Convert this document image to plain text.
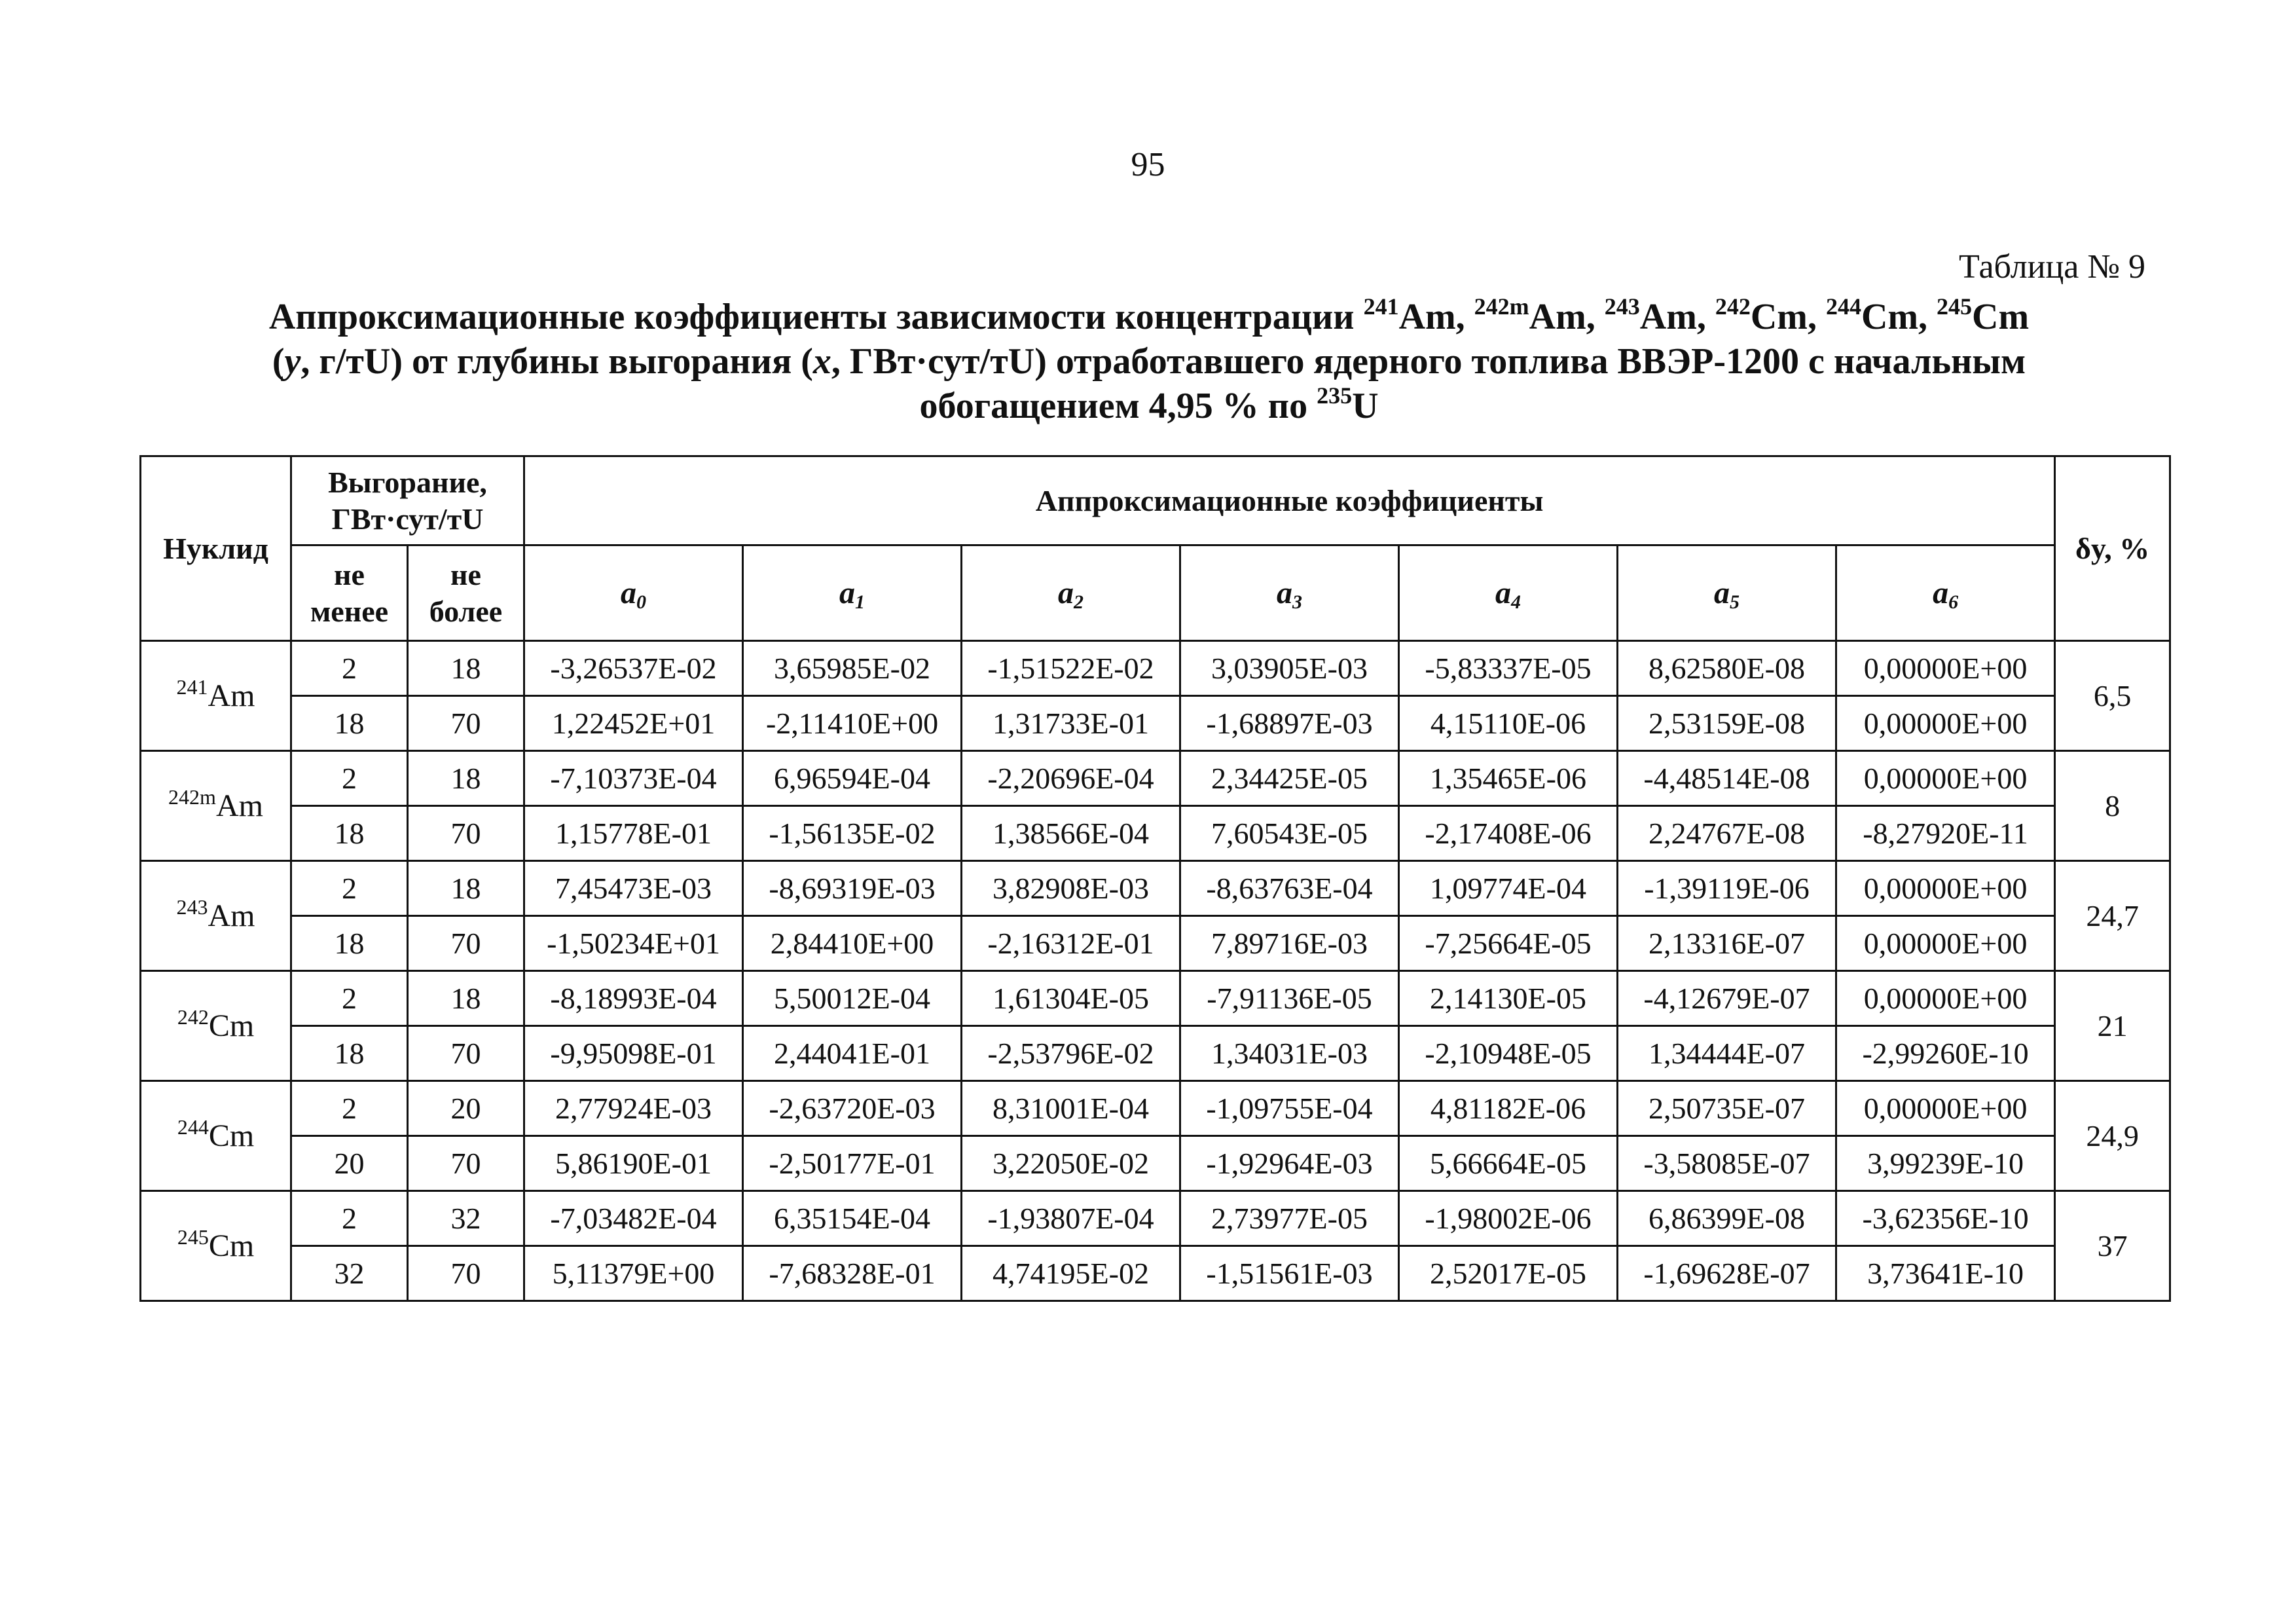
95
Таблица № 9
Аппроксимационные коэффициенты зависимости концентрации $^{241}$Am, $^{242m}$Am, $^{243}$Am, $^{242}$Cm, $^{244}$Cm, $^{245}$Cm
(y, г/тU) от глубины выгорания (x, ГВт·сут/тU) отработавшего ядерного топлива ВВЭР-1200 с начальным
обогащением 4,95 % по $^{235}$U
Нуклид	Выгорание, ГВт·сут/тU		Аппроксимационные коэффициенты							δy, %
	не менее	не более	$a_0$	$a_1$	$a_2$	$a_3$	$a_4$	$a_5$	$a_6$
$^{241}$Am	2	18	-3,26537E-02	3,65985E-02	-1,51522E-02	3,03905E-03	-5,83337E-05	8,62580E-08	0,00000E+00	6,5
	18	70	1,22452E+01	-2,11410E+00	1,31733E-01	-1,68897E-03	4,15110E-06	2,53159E-08	0,00000E+00	
$^{242m}$Am	2	18	-7,10373E-04	6,96594E-04	-2,20696E-04	2,34425E-05	1,35465E-06	-4,48514E-08	0,00000E+00	8
	18	70	1,15778E-01	-1,56135E-02	1,38566E-04	7,60543E-05	-2,17408E-06	2,24767E-08	-8,27920E-11	
$^{243}$Am	2	18	7,45473E-03	-8,69319E-03	3,82908E-03	-8,63763E-04	1,09774E-04	-1,39119E-06	0,00000E+00	24,7
	18	70	-1,50234E+01	2,84410E+00	-2,16312E-01	7,89716E-03	-7,25664E-05	2,13316E-07	0,00000E+00	
$^{242}$Cm	2	18	-8,18993E-04	5,50012E-04	1,61304E-05	-7,91136E-05	2,14130E-05	-4,12679E-07	0,00000E+00	21
	18	70	-9,95098E-01	2,44041E-01	-2,53796E-02	1,34031E-03	-2,10948E-05	1,34444E-07	-2,99260E-10	
$^{244}$Cm	2	20	2,77924E-03	-2,63720E-03	8,31001E-04	-1,09755E-04	4,81182E-06	2,50735E-07	0,00000E+00	24,9
	20	70	5,86190E-01	-2,50177E-01	3,22050E-02	-1,92964E-03	5,66664E-05	-3,58085E-07	3,99239E-10	
$^{245}$Cm	2	32	-7,03482E-04	6,35154E-04	-1,93807E-04	2,73977E-05	-1,98002E-06	6,86399E-08	-3,62356E-10	37
	32	70	5,11379E+00	-7,68328E-01	4,74195E-02	-1,51561E-03	2,52017E-05	-1,69628E-07	3,73641E-10	
